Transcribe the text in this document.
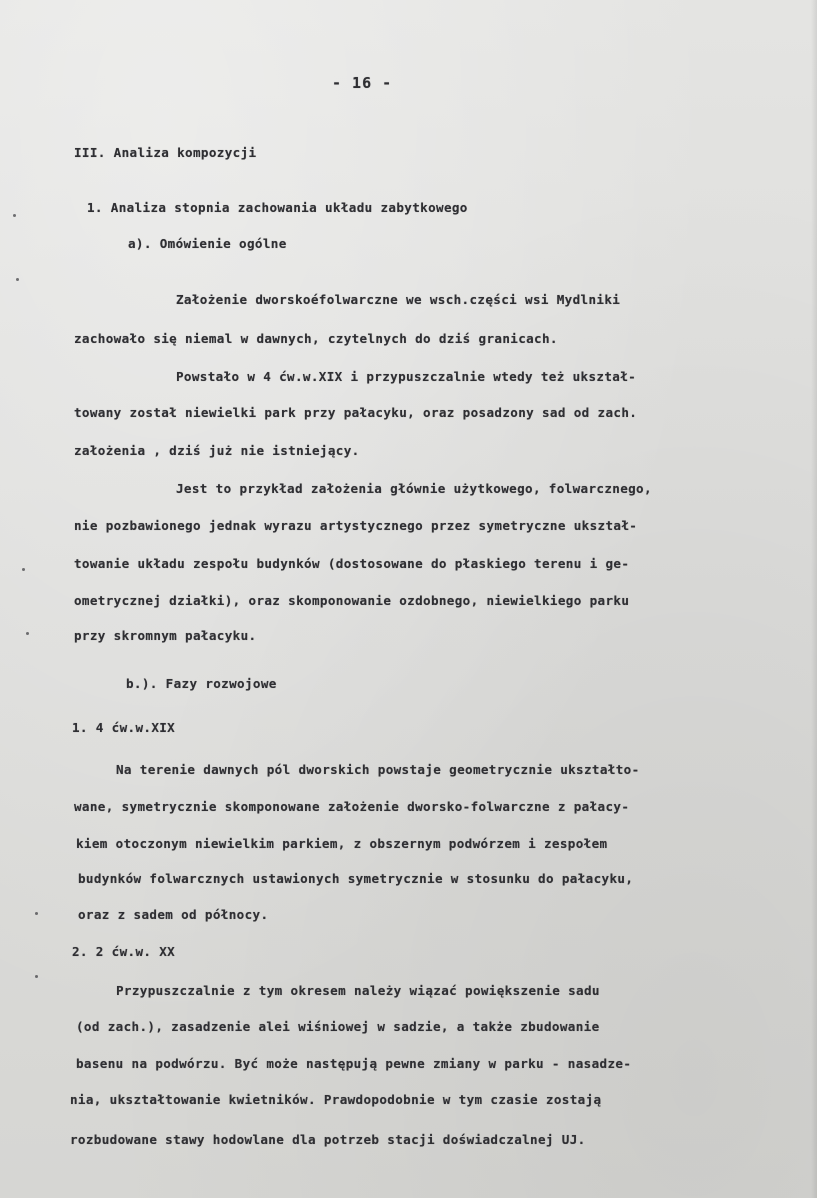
- 16 -
III. Analiza kompozycji
1. Analiza stopnia zachowania układu zabytkowego
a). Omówienie ogólne
Założenie dworskoéfolwarczne we wsch.części wsi Mydlniki
zachowało się niemal w dawnych, czytelnych do dziś granicach.
Powstało w 4 ćw.w.XIX i przypuszczalnie wtedy też ukształ-
towany został niewielki park przy pałacyku, oraz posadzony sad od zach.
założenia , dziś już nie istniejący.
Jest to przykład założenia głównie użytkowego, folwarcznego,
nie pozbawionego jednak wyrazu artystycznego przez symetryczne ukształ-
towanie układu zespołu budynków (dostosowane do płaskiego terenu i ge-
ometrycznej działki), oraz skomponowanie ozdobnego, niewielkiego parku
przy skromnym pałacyku.
b.). Fazy rozwojowe
1. 4 ćw.w.XIX
Na terenie dawnych pól dworskich powstaje geometrycznie ukształto-
wane, symetrycznie skomponowane założenie dworsko-folwarczne z pałacy-
kiem otoczonym niewielkim parkiem, z obszernym podwórzem i zespołem
budynków folwarcznych ustawionych symetrycznie w stosunku do pałacyku,
oraz z sadem od północy.
2. 2 ćw.w. XX
Przypuszczalnie z tym okresem należy wiązać powiększenie sadu
(od zach.), zasadzenie alei wiśniowej w sadzie, a także zbudowanie
basenu na podwórzu. Być może następują pewne zmiany w parku - nasadze-
nia, ukształtowanie kwietników. Prawdopodobnie w tym czasie zostają
rozbudowane stawy hodowlane dla potrzeb stacji doświadczalnej UJ.
